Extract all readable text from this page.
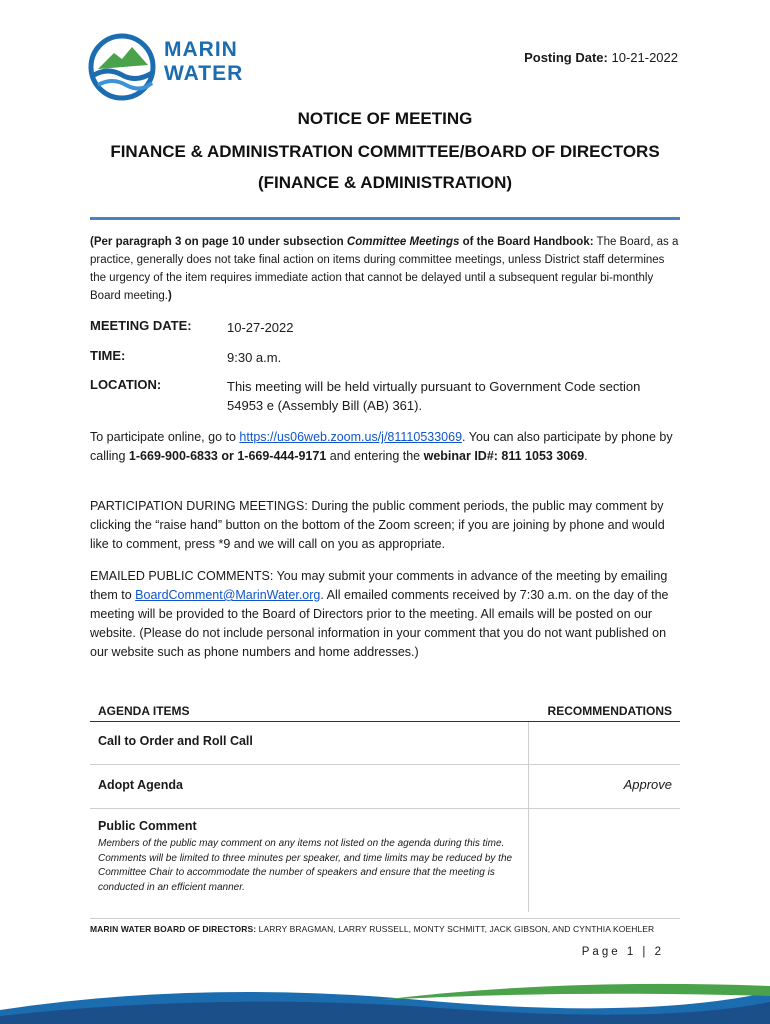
MARIN
WATER
Posting Date: 10-21-2022
NOTICE OF MEETING
FINANCE & ADMINISTRATION COMMITTEE/BOARD OF DIRECTORS
(FINANCE & ADMINISTRATION)
(Per paragraph 3 on page 10 under subsection Committee Meetings of the Board Handbook: The Board, as a practice, generally does not take final action on items during committee meetings, unless District staff determines the urgency of the item requires immediate action that cannot be delayed until a subsequent regular bi-monthly Board meeting.)
MEETING DATE:	10-27-2022
TIME:	9:30 a.m.
LOCATION:	This meeting will be held virtually pursuant to Government Code section 54953 e (Assembly Bill (AB) 361).
To participate online, go to https://us06web.zoom.us/j/81110533069. You can also participate by phone by calling 1-669-900-6833 or 1-669-444-9171 and entering the webinar ID#: 811 1053 3069.
PARTICIPATION DURING MEETINGS: During the public comment periods, the public may comment by clicking the “raise hand” button on the bottom of the Zoom screen; if you are joining by phone and would like to comment, press *9 and we will call on you as appropriate.
EMAILED PUBLIC COMMENTS: You may submit your comments in advance of the meeting by emailing them to BoardComment@MarinWater.org. All emailed comments received by 7:30 a.m. on the day of the meeting will be provided to the Board of Directors prior to the meeting. All emails will be posted on our website. (Please do not include personal information in your comment that you do not want published on our website such as phone numbers and home addresses.)
AGENDA ITEMS	RECOMMENDATIONS
Call to Order and Roll Call
Adopt Agenda	Approve
Public Comment
Members of the public may comment on any items not listed on the agenda during this time. Comments will be limited to three minutes per speaker, and time limits may be reduced by the Committee Chair to accommodate the number of speakers and ensure that the meeting is conducted in an efficient manner.
MARIN WATER BOARD OF DIRECTORS: LARRY BRAGMAN, LARRY RUSSELL, MONTY SCHMITT, JACK GIBSON, AND CYNTHIA KOEHLER
Page 1 | 2
